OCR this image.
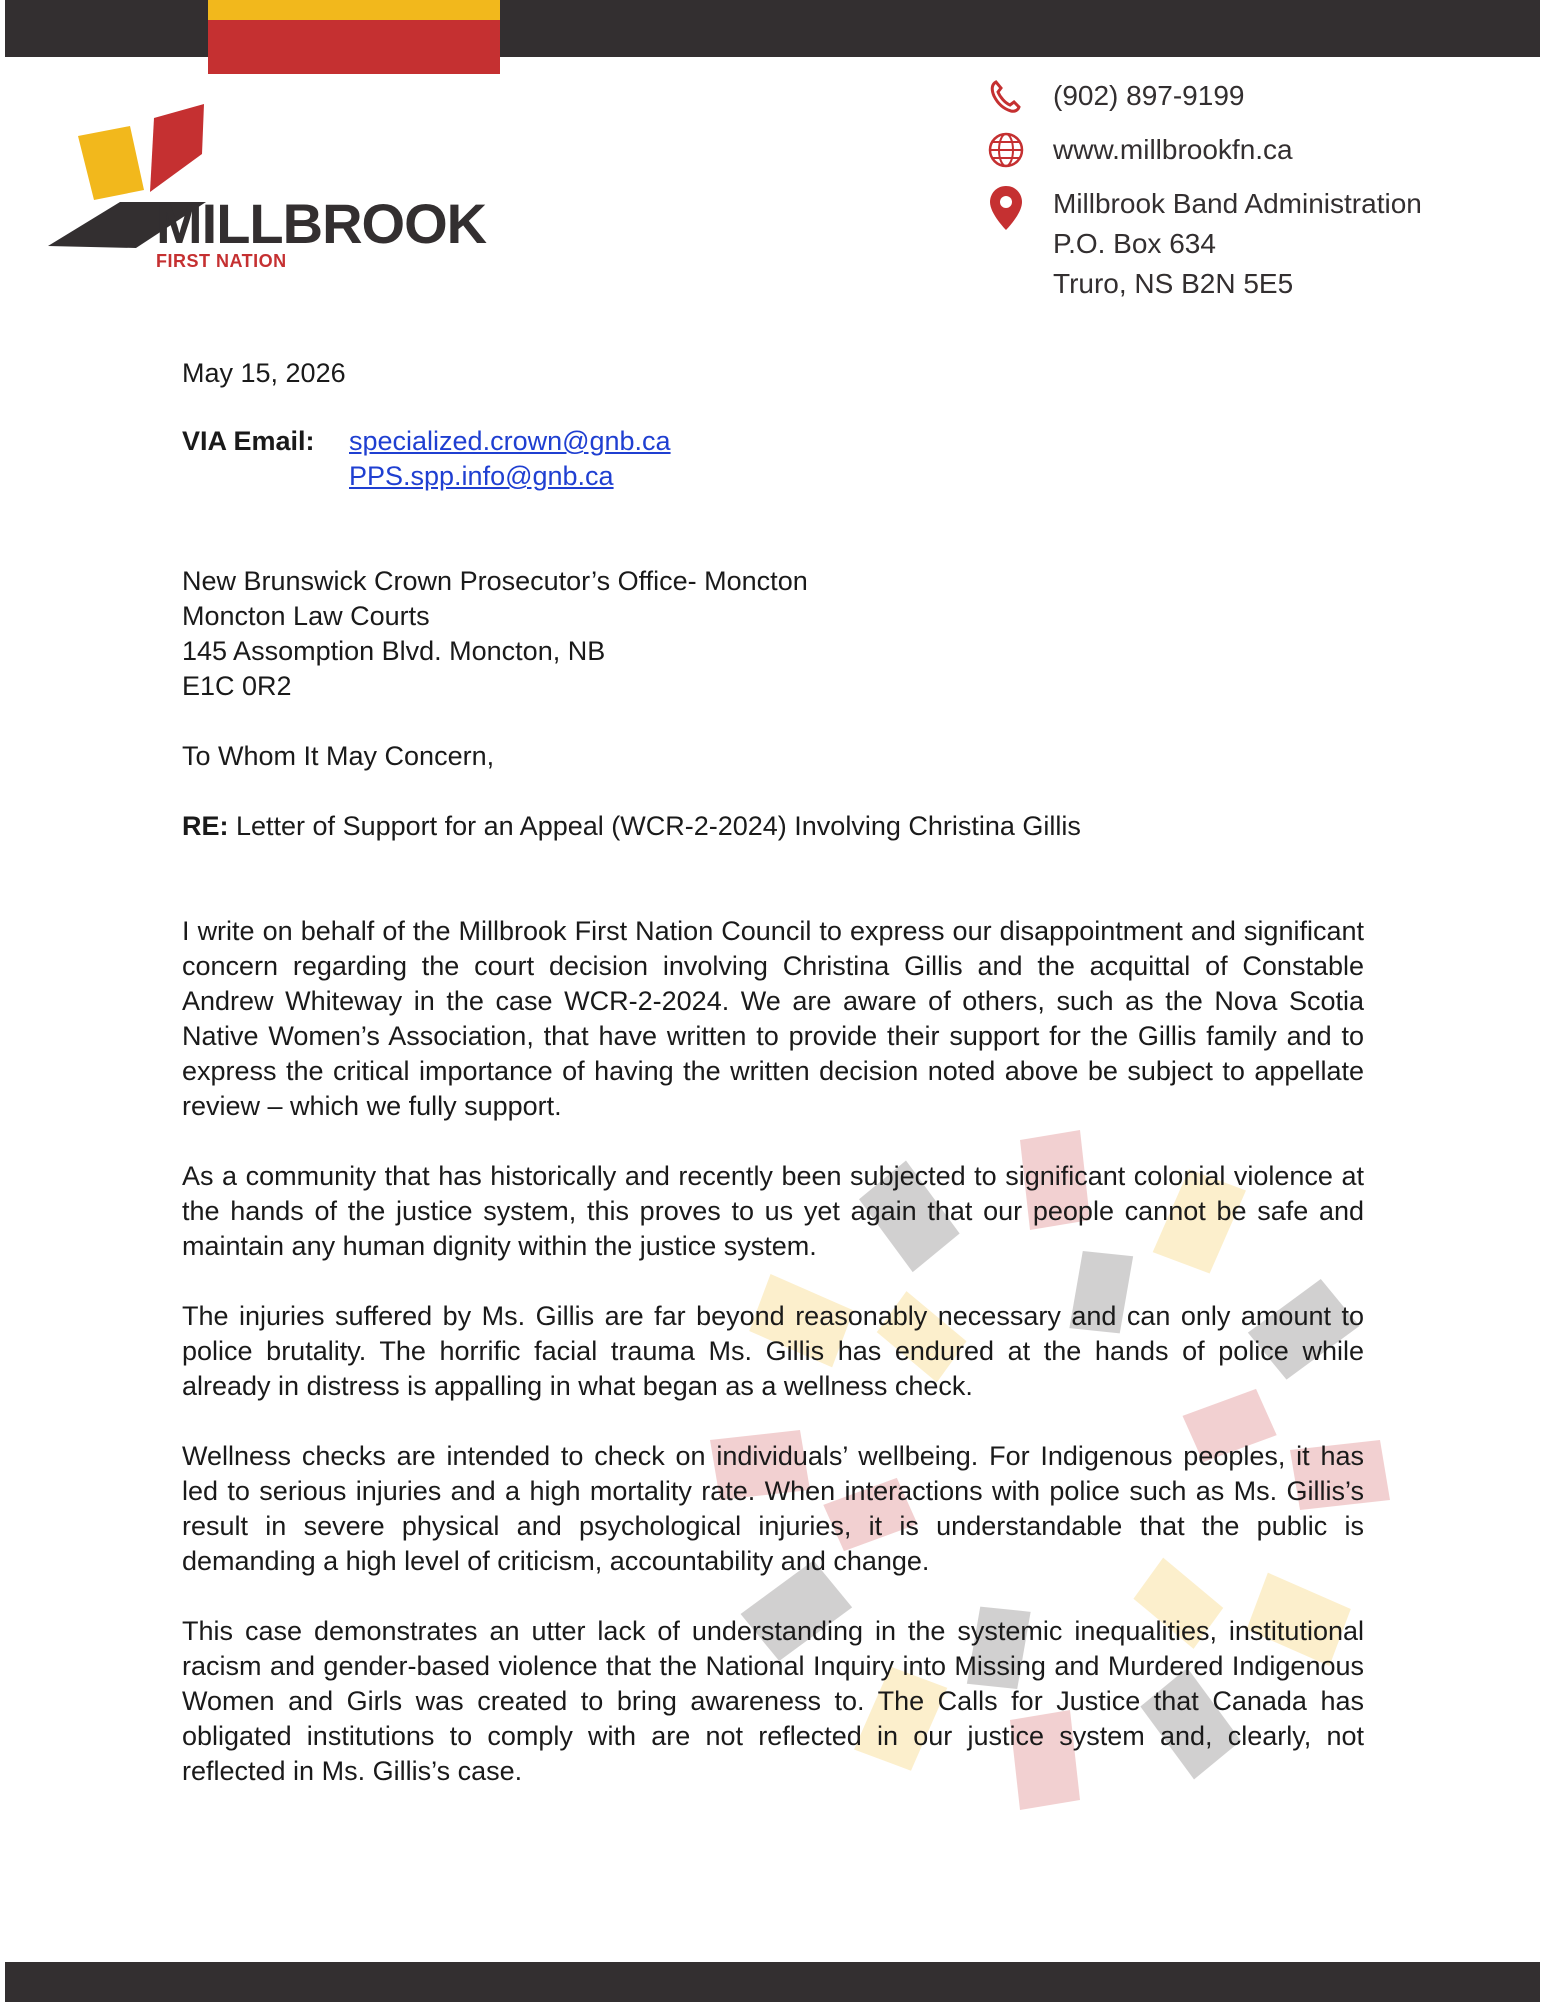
MILLBROOK
FIRST NATION
(902) 897-9199
www.millbrookfn.ca
Millbrook Band Administration
P.O. Box 634
Truro, NS B2N 5E5
May 15, 2026
VIA Email: specialized.crown@gnb.ca
PPS.spp.info@gnb.ca
New Brunswick Crown Prosecutor’s Office- Moncton
Moncton Law Courts
145 Assomption Blvd. Moncton, NB
E1C 0R2
To Whom It May Concern,
RE: Letter of Support for an Appeal (WCR-2-2024) Involving Christina Gillis

I write on behalf of the Millbrook First Nation Council to express our disappointment and significant concern regarding the court decision involving Christina Gillis and the acquittal of Constable Andrew Whiteway in the case WCR-2-2024. We are aware of others, such as the Nova Scotia Native Women’s Association, that have written to provide their support for the Gillis family and to express the critical importance of having the written decision noted above be subject to appellate review – which we fully support.

As a community that has historically and recently been subjected to significant colonial violence at the hands of the justice system, this proves to us yet again that our people cannot be safe and maintain any human dignity within the justice system.

The injuries suffered by Ms. Gillis are far beyond reasonably necessary and can only amount to police brutality. The horrific facial trauma Ms. Gillis has endured at the hands of police while already in distress is appalling in what began as a wellness check.

Wellness checks are intended to check on individuals’ wellbeing. For Indigenous peoples, it has led to serious injuries and a high mortality rate. When interactions with police such as Ms. Gillis’s result in severe physical and psychological injuries, it is understandable that the public is demanding a high level of criticism, accountability and change.

This case demonstrates an utter lack of understanding in the systemic inequalities, institutional racism and gender-based violence that the National Inquiry into Missing and Murdered Indigenous Women and Girls was created to bring awareness to. The Calls for Justice that Canada has obligated institutions to comply with are not reflected in our justice system and, clearly, not reflected in Ms. Gillis’s case.
